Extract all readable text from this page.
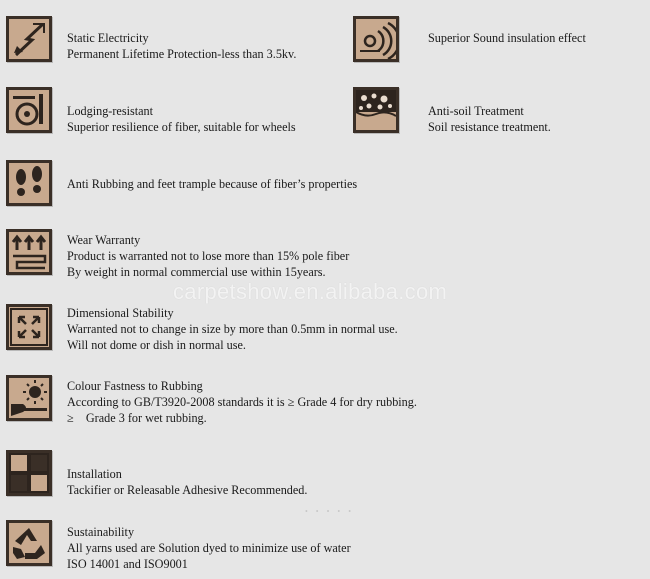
carpetshow.en.alibaba.com
• • • • •
Static Electricity
Permanent Lifetime Protection-less than 3.5kv.
Superior Sound insulation effect
Lodging-resistant
Superior resilience of fiber, suitable for wheels
Anti-soil Treatment
Soil resistance treatment.
Anti Rubbing and feet trample because of fiber’s properties
Wear Warranty
Product is warranted not to lose more than 15% pole fiber
By weight in normal commercial use within 15years.
Dimensional Stability
Warranted not to change in size by more than 0.5mm in normal use.
Will not dome or dish in normal use.
Colour Fastness to Rubbing
According to GB/T3920-2008 standards it is ≥ Grade 4 for dry rubbing.
≥    Grade 3 for wet rubbing.
Installation
Tackifier or Releasable Adhesive Recommended.
Sustainability
All yarns used are Solution dyed to minimize use of water
ISO 14001 and ISO9001
